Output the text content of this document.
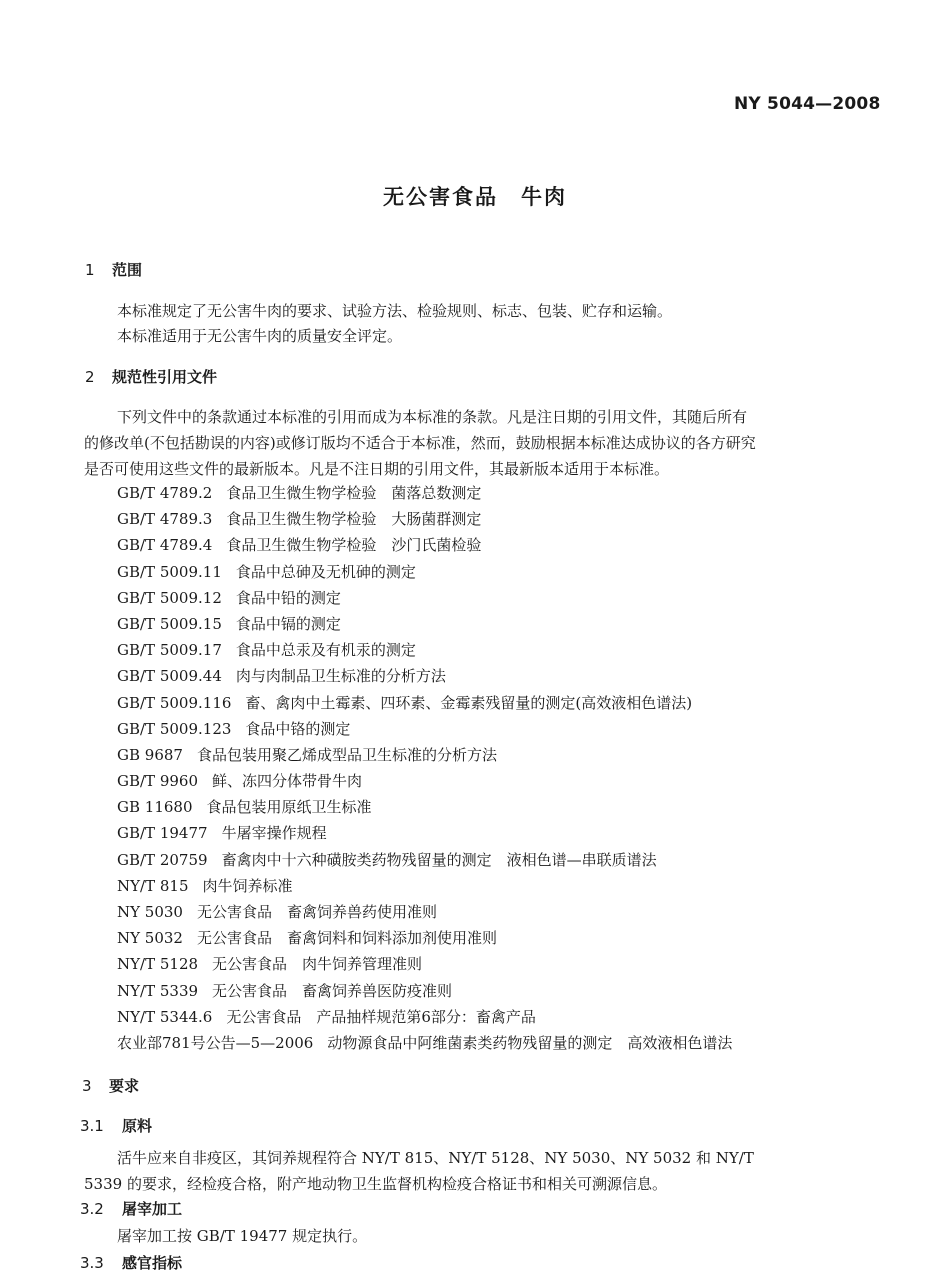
NY 5044—2008
无公害食品　牛肉
1 范围
本标准规定了无公害牛肉的要求、试验方法、检验规则、标志、包装、贮存和运输。
本标准适用于无公害牛肉的质量安全评定。
2 规范性引用文件
下列文件中的条款通过本标准的引用而成为本标准的条款。凡是注日期的引用文件，其随后所有
的修改单(不包括勘误的内容)或修订版均不适合于本标准，然而，鼓励根据本标准达成协议的各方研究
是否可使用这些文件的最新版本。凡是不注日期的引用文件，其最新版本适用于本标准。
GB/T 4789.2 食品卫生微生物学检验　菌落总数测定
GB/T 4789.3 食品卫生微生物学检验　大肠菌群测定
GB/T 4789.4 食品卫生微生物学检验　沙门氏菌检验
GB/T 5009.11 食品中总砷及无机砷的测定
GB/T 5009.12 食品中铅的测定
GB/T 5009.15 食品中镉的测定
GB/T 5009.17 食品中总汞及有机汞的测定
GB/T 5009.44 肉与肉制品卫生标准的分析方法
GB/T 5009.116 畜、禽肉中土霉素、四环素、金霉素残留量的测定(高效液相色谱法)
GB/T 5009.123 食品中铬的测定
GB 9687 食品包装用聚乙烯成型品卫生标准的分析方法
GB/T 9960 鲜、冻四分体带骨牛肉
GB 11680 食品包装用原纸卫生标准
GB/T 19477 牛屠宰操作规程
GB/T 20759 畜禽肉中十六种磺胺类药物残留量的测定　液相色谱—串联质谱法
NY/T 815 肉牛饲养标准
NY 5030 无公害食品　畜禽饲养兽药使用准则
NY 5032 无公害食品　畜禽饲料和饲料添加剂使用准则
NY/T 5128 无公害食品　肉牛饲养管理准则
NY/T 5339 无公害食品　畜禽饲养兽医防疫准则
NY/T 5344.6 无公害食品　产品抽样规范第6部分：畜禽产品
农业部781号公告—5—2006 动物源食品中阿维菌素类药物残留量的测定　高效液相色谱法
3 要求
3.1 原料
活牛应来自非疫区，其饲养规程符合 NY/T 815、NY/T 5128、NY 5030、NY 5032 和 NY/T
5339 的要求，经检疫合格，附产地动物卫生监督机构检疫合格证书和相关可溯源信息。
3.2 屠宰加工
屠宰加工按 GB/T 19477 规定执行。
3.3 感官指标
